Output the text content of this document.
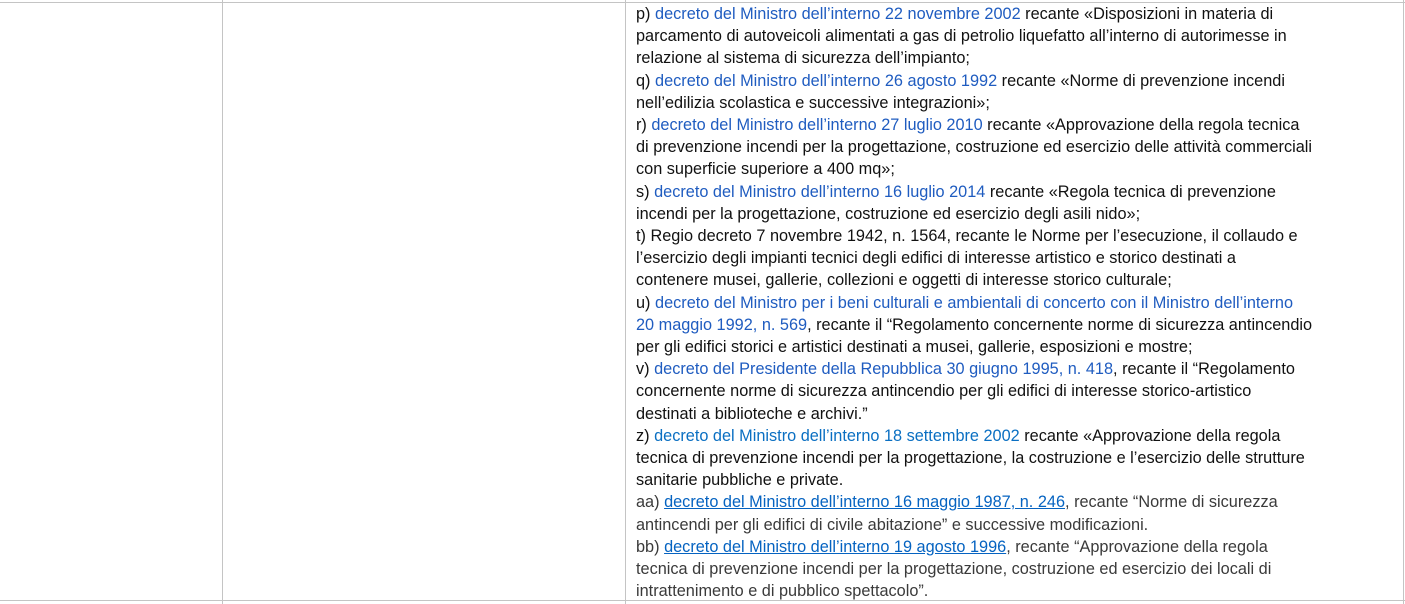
p) decreto del Ministro dell’interno 22 novembre 2002 recante «Disposizioni in materia di
parcamento di autoveicoli alimentati a gas di petrolio liquefatto all’interno di autorimesse in
relazione al sistema di sicurezza dell’impianto;
q) decreto del Ministro dell’interno 26 agosto 1992 recante «Norme di prevenzione incendi
nell’edilizia scolastica e successive integrazioni»;
r) decreto del Ministro dell’interno 27 luglio 2010 recante «Approvazione della regola tecnica
di prevenzione incendi per la progettazione, costruzione ed esercizio delle attività commerciali
con superficie superiore a 400 mq»;
s) decreto del Ministro dell’interno 16 luglio 2014 recante «Regola tecnica di prevenzione
incendi per la progettazione, costruzione ed esercizio degli asili nido»;
t) Regio decreto 7 novembre 1942, n. 1564, recante le Norme per l’esecuzione, il collaudo e
l’esercizio degli impianti tecnici degli edifici di interesse artistico e storico destinati a
contenere musei, gallerie, collezioni e oggetti di interesse storico culturale;
u) decreto del Ministro per i beni culturali e ambientali di concerto con il Ministro dell’interno
20 maggio 1992, n. 569, recante il “Regolamento concernente norme di sicurezza antincendio
per gli edifici storici e artistici destinati a musei, gallerie, esposizioni e mostre;
v) decreto del Presidente della Repubblica 30 giugno 1995, n. 418, recante il “Regolamento
concernente norme di sicurezza antincendio per gli edifici di interesse storico-artistico
destinati a biblioteche e archivi.”
z) decreto del Ministro dell’interno 18 settembre 2002 recante «Approvazione della regola
tecnica di prevenzione incendi per la progettazione, la costruzione e l’esercizio delle strutture
sanitarie pubbliche e private.
aa) decreto del Ministro dell’interno 16 maggio 1987, n. 246, recante “Norme di sicurezza
antincendi per gli edifici di civile abitazione” e successive modificazioni.
bb) decreto del Ministro dell’interno 19 agosto 1996, recante “Approvazione della regola
tecnica di prevenzione incendi per la progettazione, costruzione ed esercizio dei locali di
intrattenimento e di pubblico spettacolo”.
